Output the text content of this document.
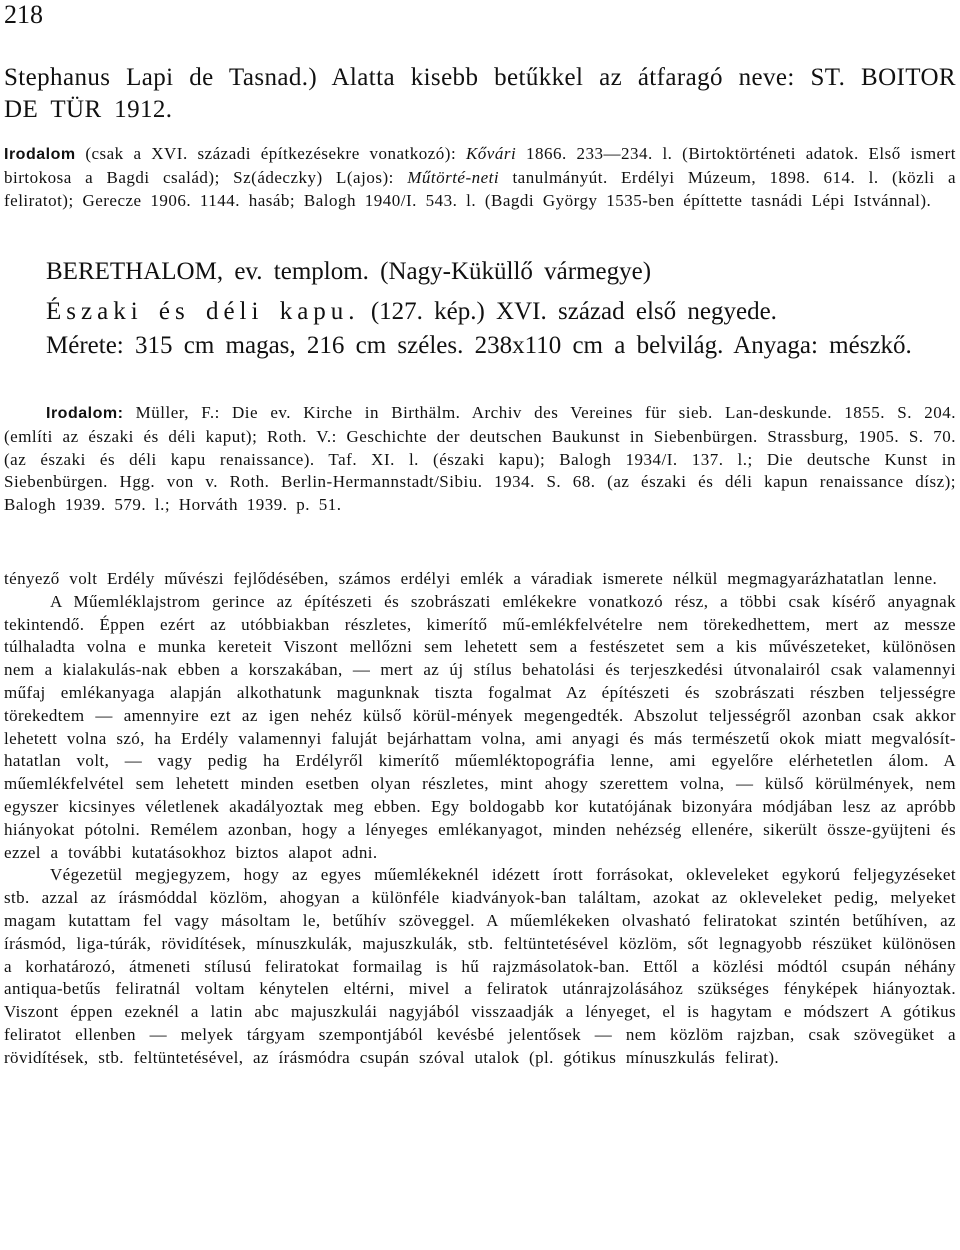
218
Stephanus Lapi de Tasnad.) Alatta kisebb betűkkel az átfaragó neve: ST. BOITOR DE TÜR 1912.
Irodalom (csak a XVI. századi építkezésekre vonatkozó): Kővári 1866. 233—234. l. (Birtoktörténeti adatok. Első ismert birtokosa a Bagdi család); Sz(ádeczky) L(ajos): Műtörté-neti tanulmányút. Erdélyi Múzeum, 1898. 614. l. (közli a feliratot); Gerecze 1906. 1144. hasáb; Balogh 1940/I. 543. l. (Bagdi György 1535-ben építtette tasnádi Lépi Istvánnal).
BERETHALOM, ev. templom. (Nagy-Küküllő vármegye)
Északi és déli kapu. (127. kép.) XVI. század első negyede.
Mérete: 315 cm magas, 216 cm széles. 238x110 cm a belvilág. Anyaga: mészkő.
Irodalom: Müller, F.: Die ev. Kirche in Birthälm. Archiv des Vereines für sieb. Lan-deskunde. 1855. S. 204. (említi az északi és déli kaput); Roth. V.: Geschichte der deutschen Baukunst in Siebenbürgen. Strassburg, 1905. S. 70. (az északi és déli kapu renaissance). Taf. XI. l. (északi kapu); Balogh 1934/I. 137. l.; Die deutsche Kunst in Siebenbürgen. Hgg. von v. Roth. Berlin-Hermannstadt/Sibiu. 1934. S. 68. (az északi és déli kapun renaissance dísz); Balogh 1939. 579. l.; Horváth 1939. p. 51.

tényező volt Erdély művészi fejlődésében, számos erdélyi emlék a váradiak ismerete nélkül megmagyarázhatatlan lenne.

A Műemléklajstrom gerince az építészeti és szobrászati emlékekre vonatkozó rész, a többi csak kísérő anyagnak tekintendő. Éppen ezért az utóbbiakban részletes, kimerítő mű-emlékfelvételre nem törekedhettem, mert az messze túlhaladta volna e munka kereteit Viszont mellőzni sem lehetett sem a festészetet sem a kis művészeteket, különösen nem a kialakulás-nak ebben a korszakában, — mert az új stílus behatolási és terjeszkedési útvonalairól csak valamennyi műfaj emlékanyaga alapján alkothatunk magunknak tiszta fogalmat Az építészeti és szobrászati részben teljességre törekedtem — amennyire ezt az igen nehéz külső körül-mények megengedték. Abszolut teljességről azonban csak akkor lehetett volna szó, ha Erdély valamennyi faluját bejárhattam volna, ami anyagi és más természetű okok miatt megvalósít-hatatlan volt, — vagy pedig ha Erdélyről kimerítő műemléktopográfia lenne, ami egyelőre elérhetetlen álom. A műemlékfelvétel sem lehetett minden esetben olyan részletes, mint ahogy szerettem volna, — külső körülmények, nem egyszer kicsinyes véletlenek akadályoztak meg ebben. Egy boldogabb kor kutatójának bizonyára módjában lesz az apróbb hiányokat pótolni. Remélem azonban, hogy a lényeges emlékanyagot, minden nehézség ellenére, sikerült össze-gyüjteni és ezzel a további kutatásokhoz biztos alapot adni.

Végezetül megjegyzem, hogy az egyes műemlékeknél idézett írott forrásokat, okleveleket egykorú feljegyzéseket stb. azzal az írásmóddal közlöm, ahogyan a különféle kiadványok-ban találtam, azokat az okleveleket pedig, melyeket magam kutattam fel vagy másoltam le, betűhív szöveggel. A műemlékeken olvasható feliratokat szintén betűhíven, az írásmód, liga-túrák, rövidítések, mínuszkulák, majuszkulák, stb. feltüntetésével közlöm, sőt legnagyobb részüket különösen a korhatározó, átmeneti stílusú feliratokat formailag is hű rajzmásolatok-ban. Ettől a közlési módtól csupán néhány antiqua-betűs feliratnál voltam kénytelen eltérni, mivel a feliratok utánrajzolásához szükséges fényképek hiányoztak. Viszont éppen ezeknél a latin abc majuszkulái nagyjából visszaadják a lényeget, el is hagytam e módszert A gótikus feliratot ellenben — melyek tárgyam szempontjából kevésbé jelentősek — nem közlöm rajzban, csak szövegüket a rövidítések, stb. feltüntetésével, az írásmódra csupán szóval utalok (pl. gótikus mínuszkulás felirat).
